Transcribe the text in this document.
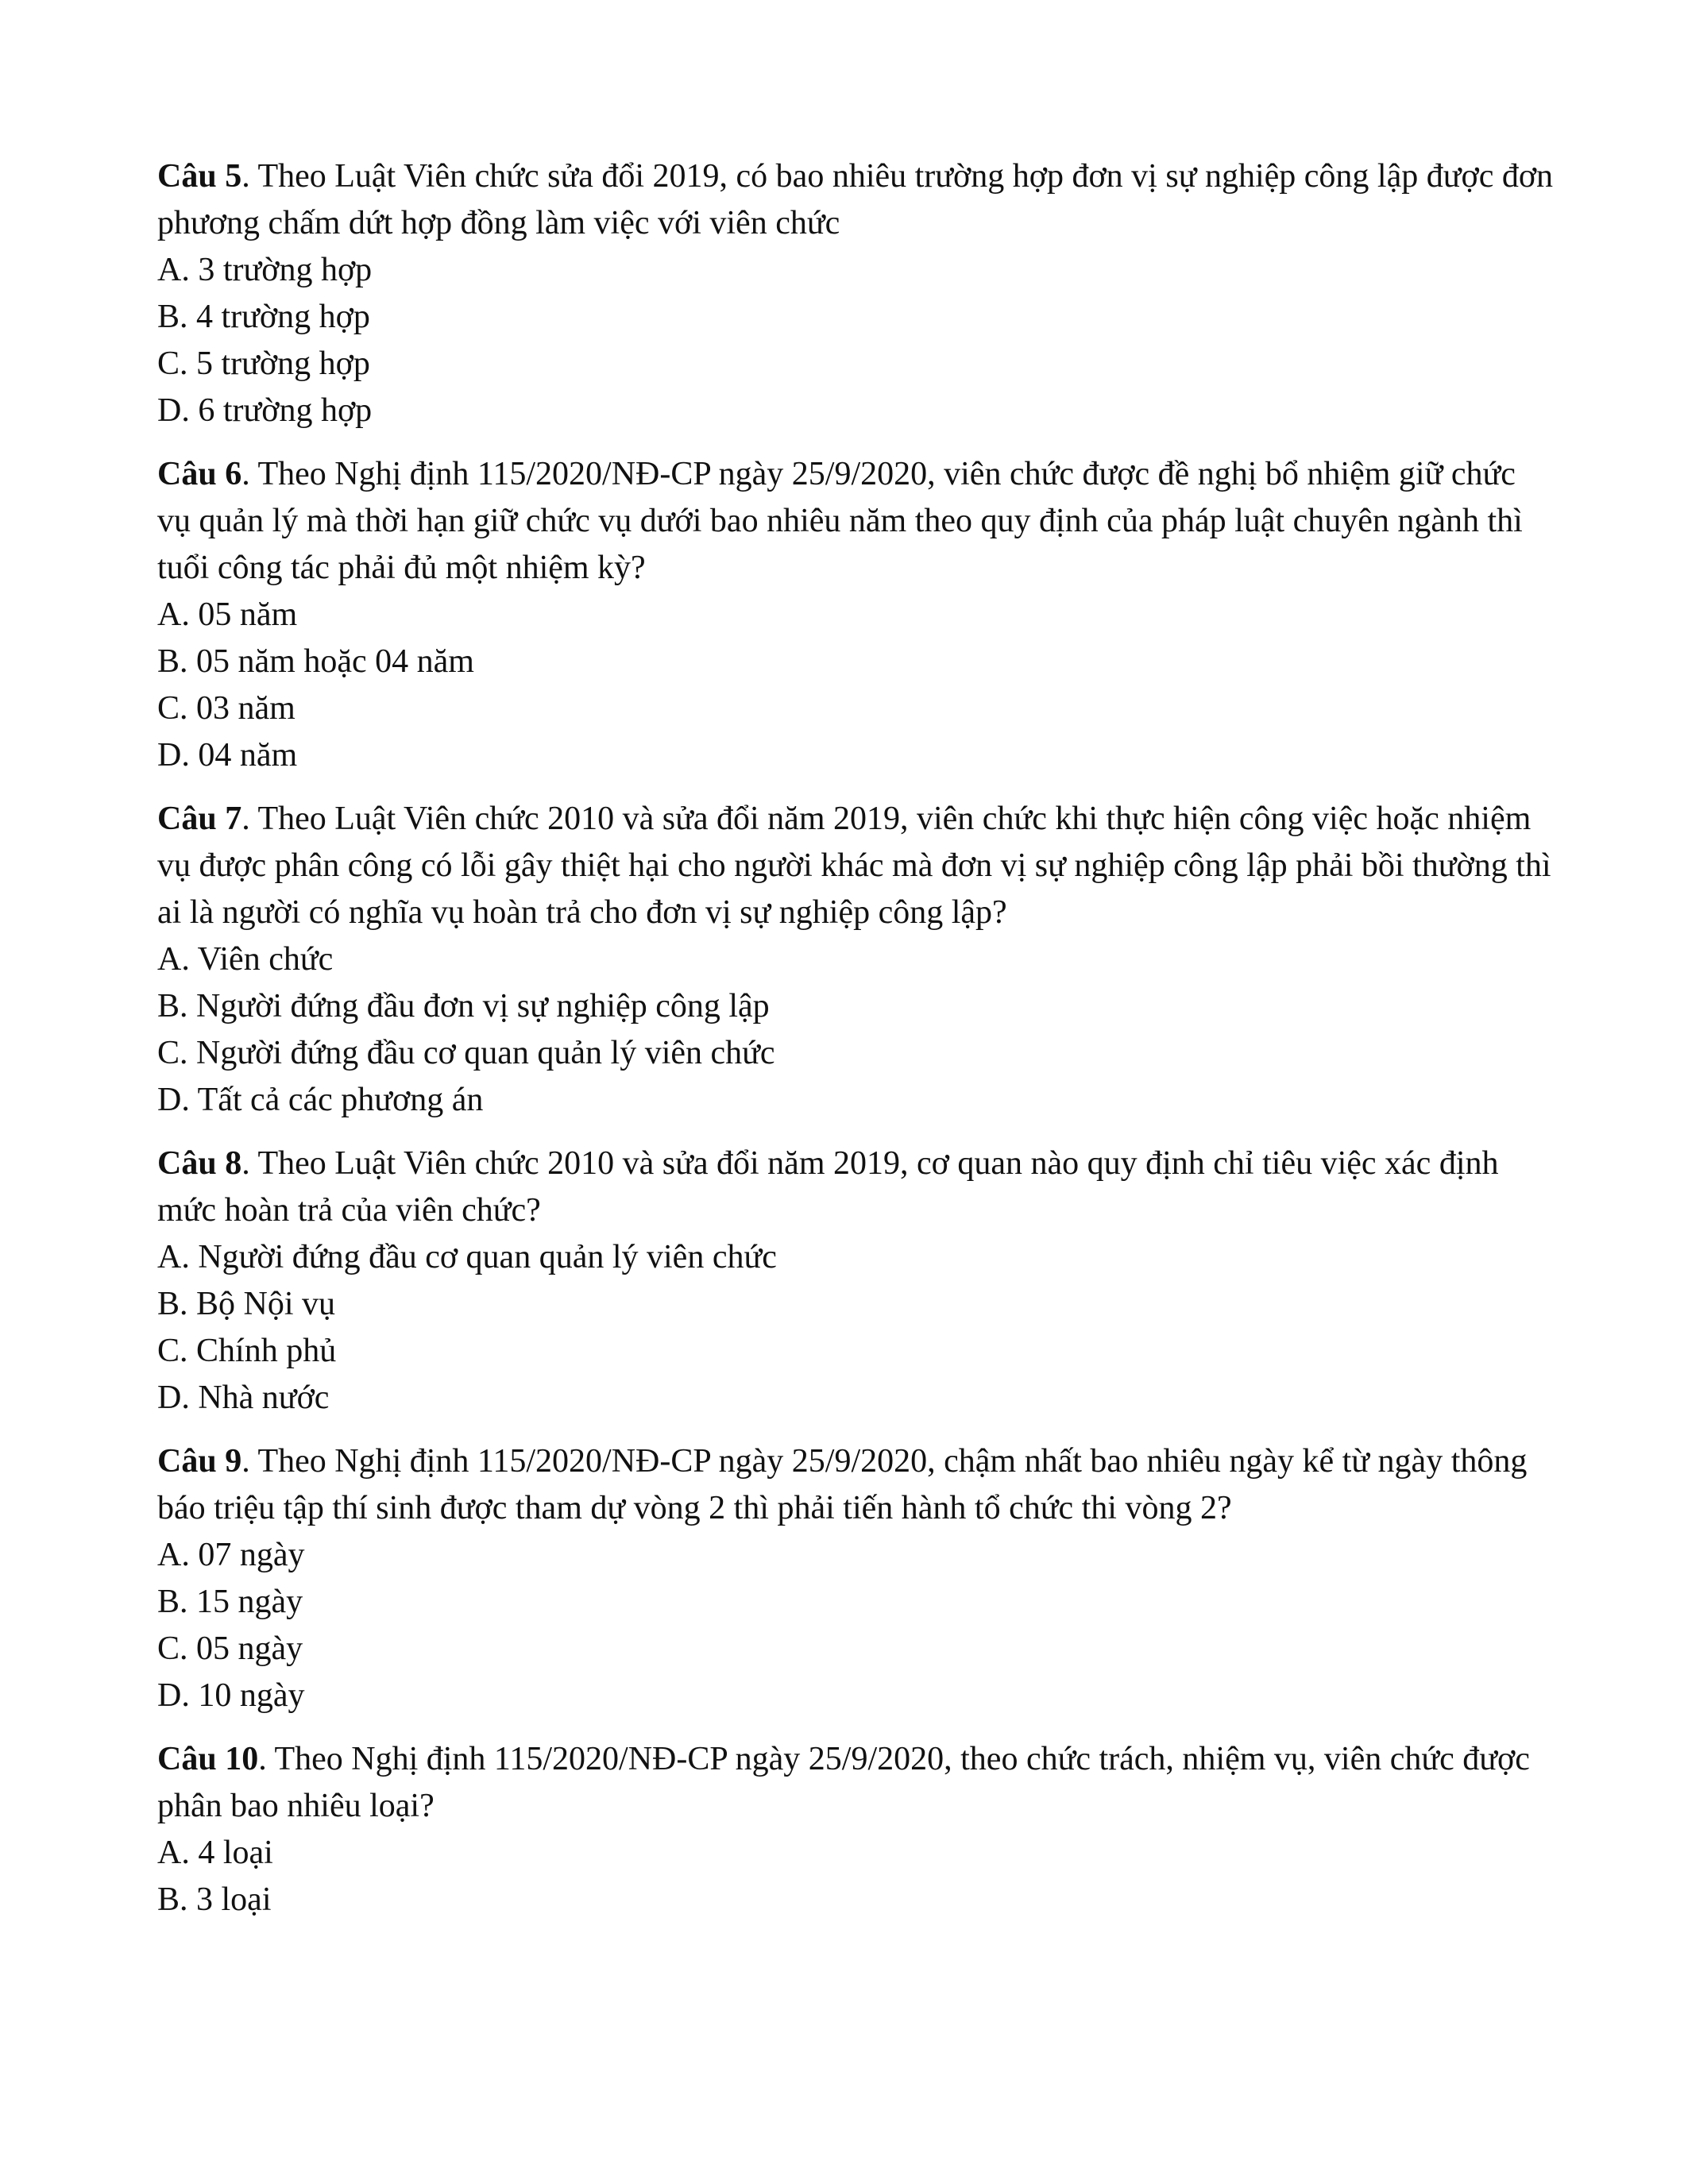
Câu 5. Theo Luật Viên chức sửa đổi 2019, có bao nhiêu trường hợp đơn vị sự nghiệp công lập được đơn phương chấm dứt hợp đồng làm việc với viên chức

A. 3 trường hợp
B. 4 trường hợp
C. 5 trường hợp
D. 6 trường hợp

Câu 6. Theo Nghị định 115/2020/NĐ-CP ngày 25/9/2020, viên chức được đề nghị bổ nhiệm giữ chức vụ quản lý mà thời hạn giữ chức vụ dưới bao nhiêu năm theo quy định của pháp luật chuyên ngành thì tuổi công tác phải đủ một nhiệm kỳ?

A. 05 năm
B. 05 năm hoặc 04 năm
C. 03 năm
D. 04 năm

Câu 7. Theo Luật Viên chức 2010 và sửa đổi năm 2019, viên chức khi thực hiện công việc hoặc nhiệm vụ được phân công có lỗi gây thiệt hại cho người khác mà đơn vị sự nghiệp công lập phải bồi thường thì ai là người có nghĩa vụ hoàn trả cho đơn vị sự nghiệp công lập?

A. Viên chức
B. Người đứng đầu đơn vị sự nghiệp công lập
C. Người đứng đầu cơ quan quản lý viên chức
D. Tất cả các phương án

Câu 8. Theo Luật Viên chức 2010 và sửa đổi năm 2019, cơ quan nào quy định chỉ tiêu việc xác định mức hoàn trả của viên chức?

A. Người đứng đầu cơ quan quản lý viên chức
B. Bộ Nội vụ
C. Chính phủ
D. Nhà nước

Câu 9. Theo Nghị định 115/2020/NĐ-CP ngày 25/9/2020, chậm nhất bao nhiêu ngày kể từ ngày thông báo triệu tập thí sinh được tham dự vòng 2 thì phải tiến hành tổ chức thi vòng 2?

A. 07 ngày
B. 15 ngày
C. 05 ngày
D. 10 ngày

Câu 10. Theo Nghị định 115/2020/NĐ-CP ngày 25/9/2020, theo chức trách, nhiệm vụ, viên chức được phân bao nhiêu loại?

A. 4 loại
B. 3 loại
